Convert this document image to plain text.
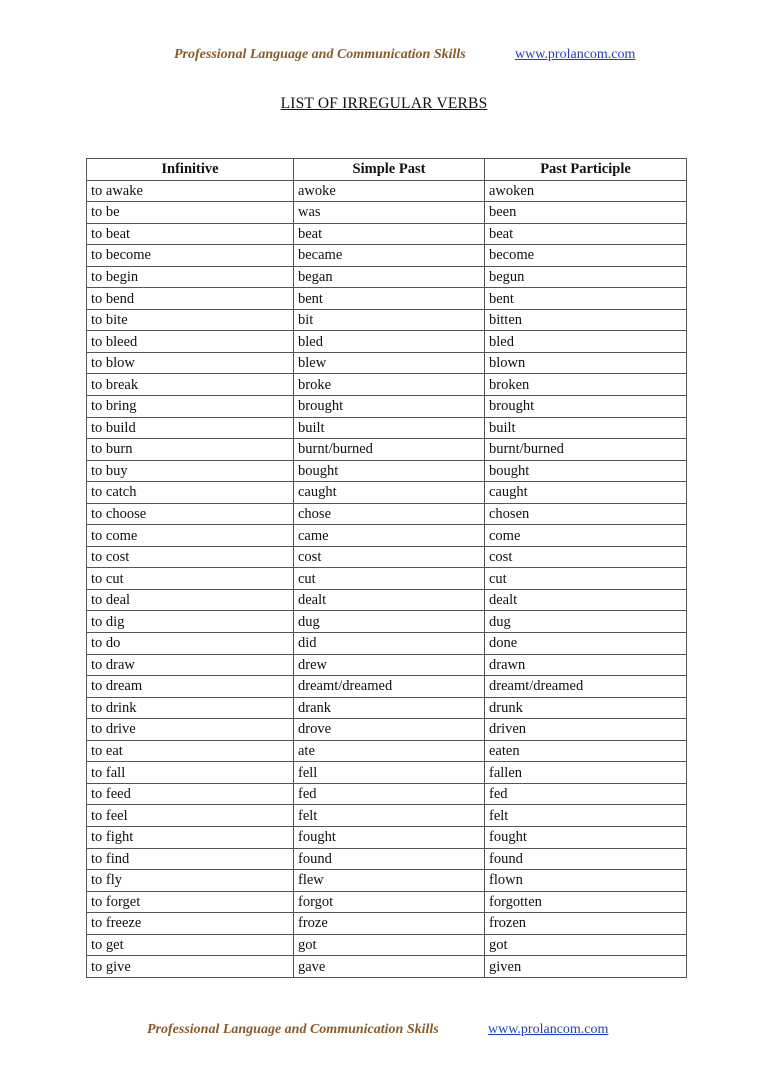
Professional Language and Communication Skills	www.prolancom.com
LIST OF IRREGULAR VERBS
Infinitive	Simple Past	Past Participle
to awake	awoke	awoken
to be	was	been
to beat	beat	beat
to become	became	become
to begin	began	begun
to bend	bent	bent
to bite	bit	bitten
to bleed	bled	bled
to blow	blew	blown
to break	broke	broken
to bring	brought	brought
to build	built	built
to burn	burnt/burned	burnt/burned
to buy	bought	bought
to catch	caught	caught
to choose	chose	chosen
to come	came	come
to cost	cost	cost
to cut	cut	cut
to deal	dealt	dealt
to dig	dug	dug
to do	did	done
to draw	drew	drawn
to dream	dreamt/dreamed	dreamt/dreamed
to drink	drank	drunk
to drive	drove	driven
to eat	ate	eaten
to fall	fell	fallen
to feed	fed	fed
to feel	felt	felt
to fight	fought	fought
to find	found	found
to fly	flew	flown
to forget	forgot	forgotten
to freeze	froze	frozen
to get	got	got
to give	gave	given
Professional Language and Communication Skills	www.prolancom.com
